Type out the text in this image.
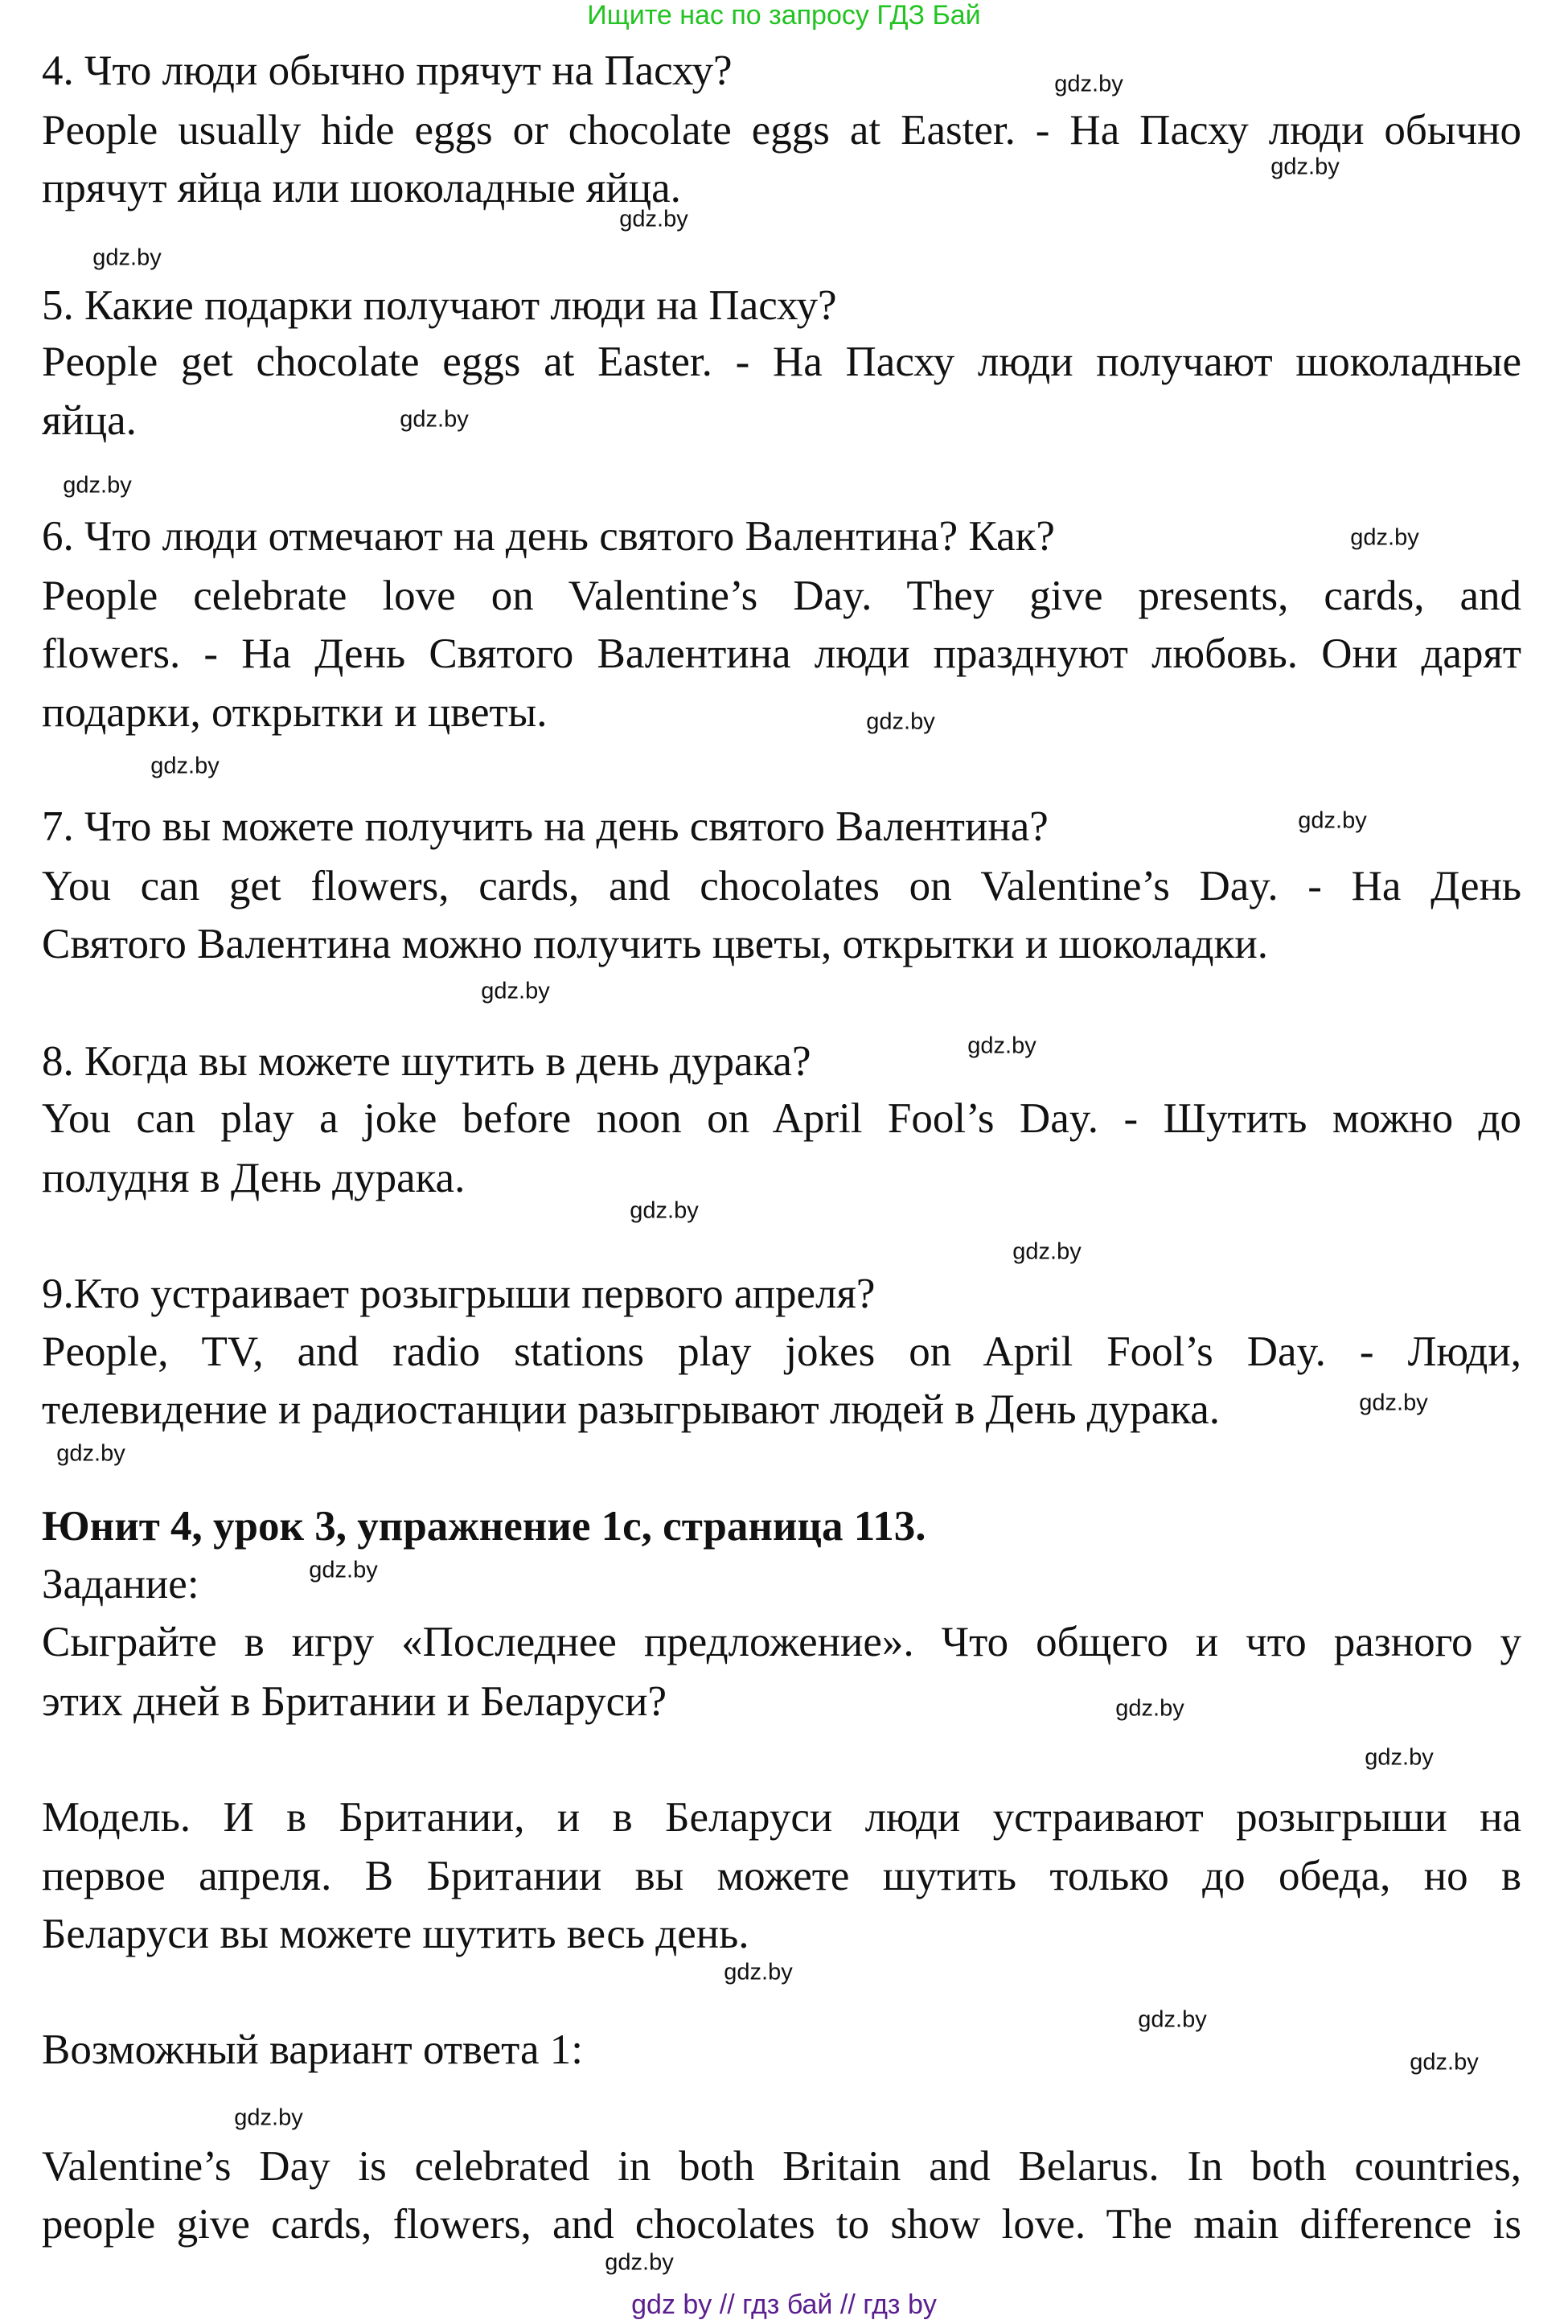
Ищите нас по запросу ГДЗ Бай
4. Что люди обычно прячут на Пасху?
People usually hide eggs or chocolate eggs at Easter. - На Пасху люди обычно
прячут яйца или шоколадные яйца.
5. Какие подарки получают люди на Пасху?
People get chocolate eggs at Easter. - На Пасху люди получают шоколадные
яйца.
6. Что люди отмечают на день святого Валентина? Как?
People celebrate love on Valentine’s Day. They give presents, cards, and
flowers. - На День Святого Валентина люди празднуют любовь. Они дарят
подарки, открытки и цветы.
7. Что вы можете получить на день святого Валентина?
You can get flowers, cards, and chocolates on Valentine’s Day. - На День
Святого Валентина можно получить цветы, открытки и шоколадки.
8. Когда вы можете шутить в день дурака?
You can play a joke before noon on April Fool’s Day. - Шутить можно до
полудня в День дурака.
9.Кто устраивает розыгрыши первого апреля?
People, TV, and radio stations play jokes on April Fool’s Day. - Люди,
телевидение и радиостанции разыгрывают людей в День дурака.
Юнит 4, урок 3, упражнение 1с, страница 113.
Задание:
Сыграйте в игру «Последнее предложение». Что общего и что разного у
этих дней в Британии и Беларуси?
Модель. И в Британии, и в Беларуси люди устраивают розыгрыши на
первое апреля. В Британии вы можете шутить только до обеда, но в
Беларуси вы можете шутить весь день.
Возможный вариант ответа 1:
Valentine’s Day is celebrated in both Britain and Belarus. In both countries,
people give cards, flowers, and chocolates to show love. The main difference is
gdz.by
gdz.by
gdz.by
gdz.by
gdz.by
gdz.by
gdz.by
gdz.by
gdz.by
gdz.by
gdz.by
gdz.by
gdz.by
gdz.by
gdz.by
gdz.by
gdz.by
gdz.by
gdz.by
gdz.by
gdz.by
gdz.by
gdz.by
gdz.by
gdz by // гдз бай // гдз by
